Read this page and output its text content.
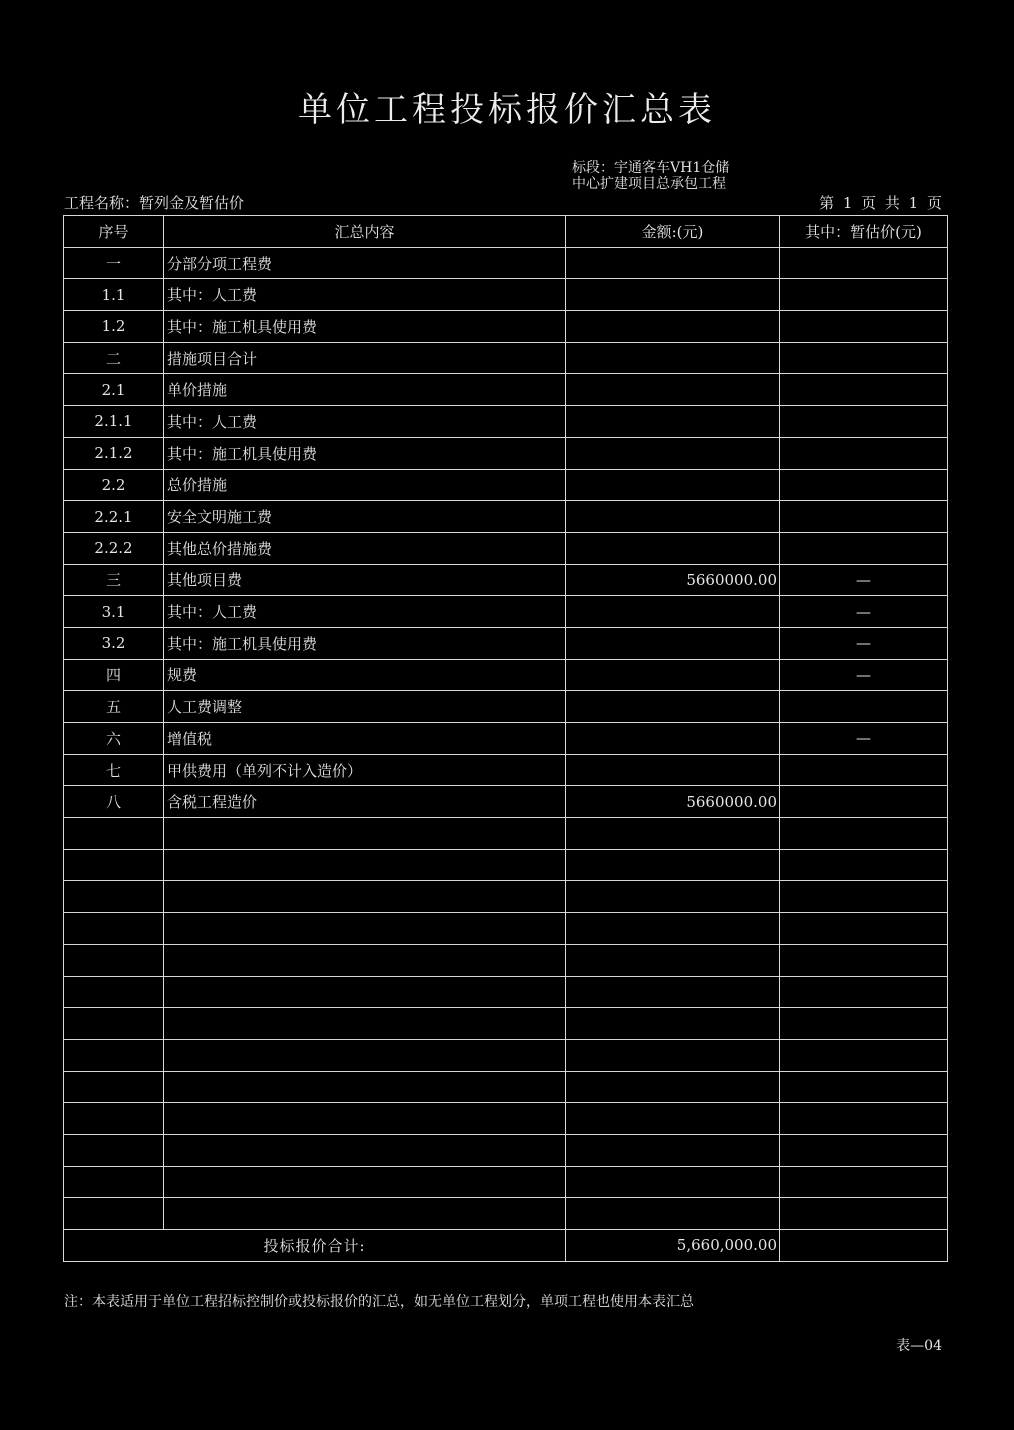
单位工程投标报价汇总表
标段：宇通客车VH1仓储中心扩建项目总承包工程
工程名称：暂列金及暂估价	第 1 页 共 1 页
序号	汇总内容	金额:(元)	其中：暂估价(元)
一	分部分项工程费		
1.1	其中：人工费		
1.2	其中：施工机具使用费		
二	措施项目合计		
2.1	单价措施		
2.1.1	其中：人工费		
2.1.2	其中：施工机具使用费		
2.2	总价措施		
2.2.1	安全文明施工费		
2.2.2	其他总价措施费		
三	其他项目费	5660000.00	—
3.1	其中：人工费		—
3.2	其中：施工机具使用费		—
四	规费		—
五	人工费调整		
六	增值税		—
七	甲供费用（单列不计入造价）		
八	含税工程造价	5660000.00	

投标报价合计:		5,660,000.00	
注：本表适用于单位工程招标控制价或投标报价的汇总，如无单位工程划分，单项工程也使用本表汇总
表—04
